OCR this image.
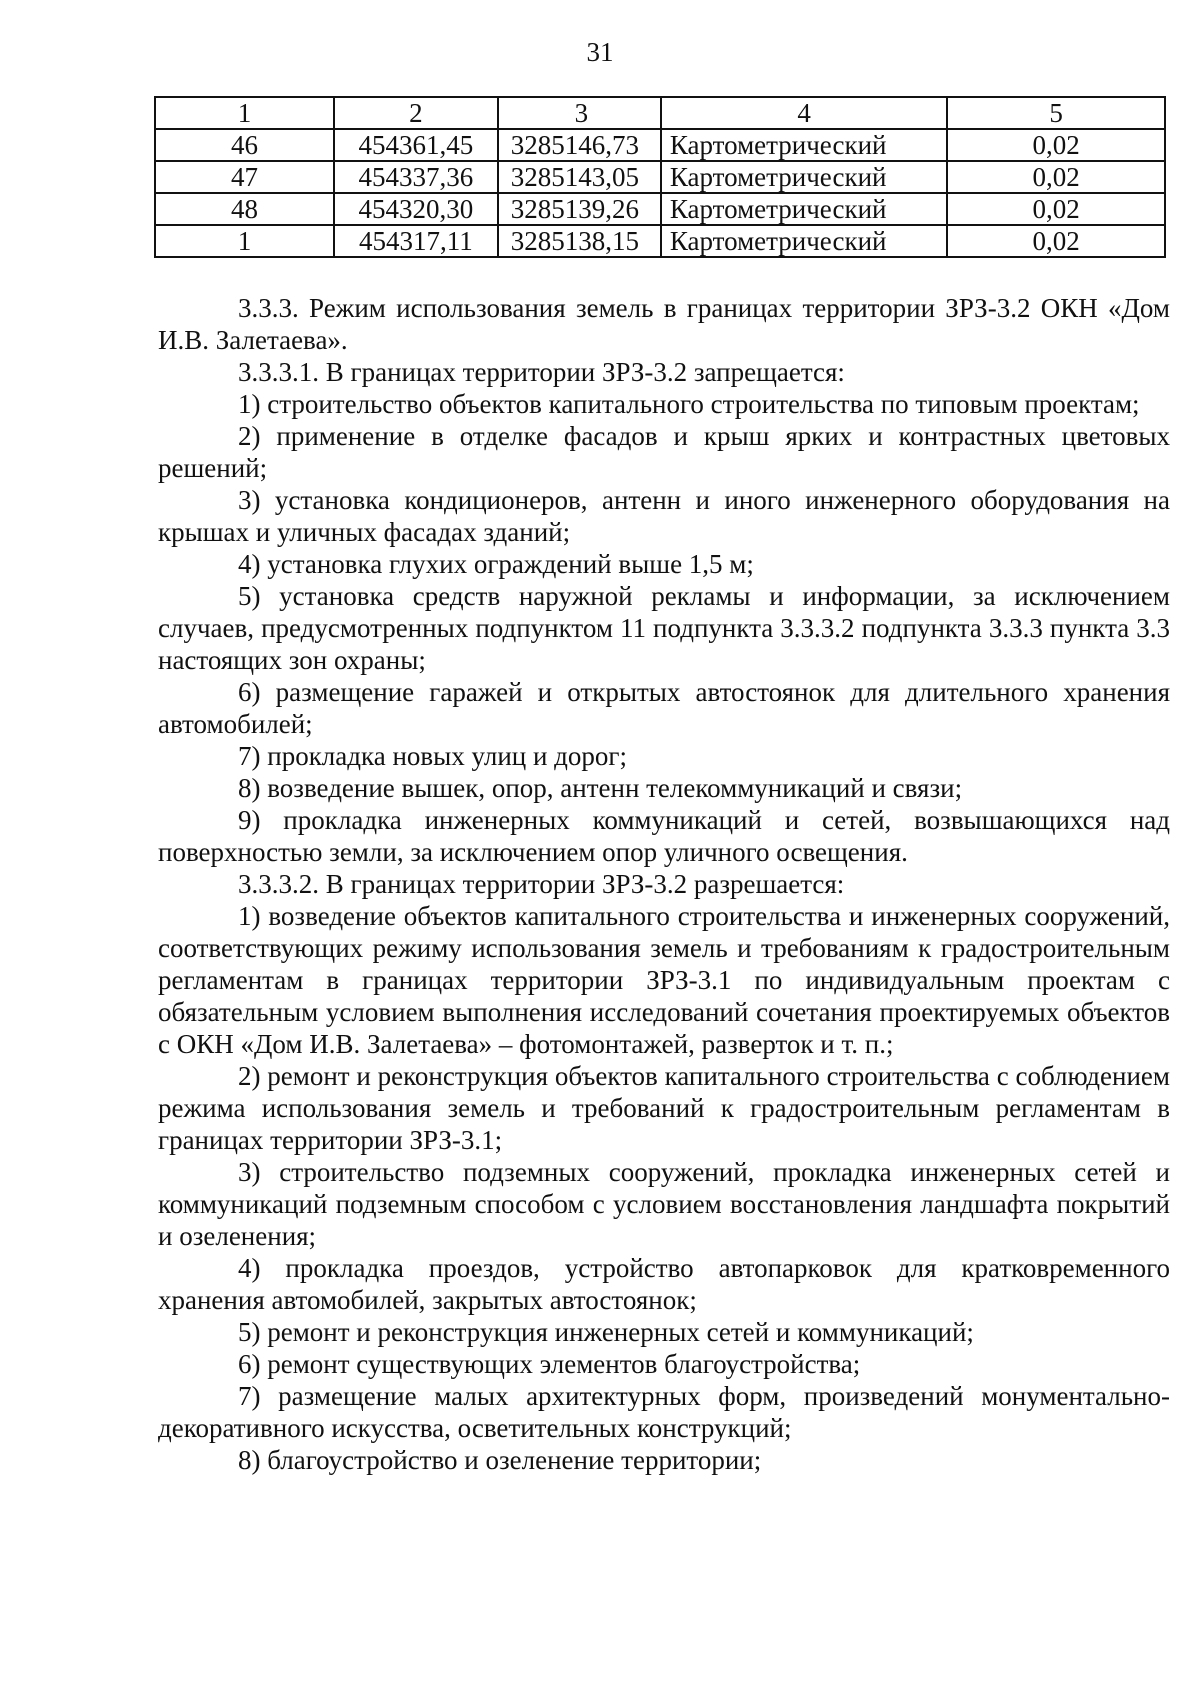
31
1	2	3	4	5
46	454361,45	3285146,73	Картометрический	0,02
47	454337,36	3285143,05	Картометрический	0,02
48	454320,30	3285139,26	Картометрический	0,02
1	454317,11	3285138,15	Картометрический	0,02

3.3.3. Режим использования земель в границах территории ЗРЗ-3.2 ОКН «Дом И.В. Залетаева».

3.3.3.1. В границах территории ЗРЗ-3.2 запрещается:

1) строительство объектов капитального строительства по типовым проектам;

2) применение в отделке фасадов и крыш ярких и контрастных цветовых решений;

3) установка кондиционеров, антенн и иного инженерного оборудования на крышах и уличных фасадах зданий;

4) установка глухих ограждений выше 1,5 м;

5) установка средств наружной рекламы и информации, за исключением случаев, предусмотренных подпунктом 11 подпункта 3.3.3.2 подпункта 3.3.3 пункта 3.3 настоящих зон охраны;

6) размещение гаражей и открытых автостоянок для длительного хранения автомобилей;

7) прокладка новых улиц и дорог;

8) возведение вышек, опор, антенн телекоммуникаций и связи;

9) прокладка инженерных коммуникаций и сетей, возвышающихся над поверхностью земли, за исключением опор уличного освещения.

3.3.3.2. В границах территории ЗРЗ-3.2 разрешается:

1) возведение объектов капитального строительства и инженерных сооружений, соответствующих режиму использования земель и требованиям к градостроительным регламентам в границах территории ЗРЗ-3.1 по индивидуальным проектам с обязательным условием выполнения исследований сочетания проектируемых объектов с ОКН «Дом И.В. Залетаева» – фотомонтажей, разверток и т. п.;

2) ремонт и реконструкция объектов капитального строительства с соблюдением режима использования земель и требований к градостроительным регламентам в границах территории ЗРЗ-3.1;

3) строительство подземных сооружений, прокладка инженерных сетей и коммуникаций подземным способом с условием восстановления ландшафта покрытий и озеленения;

4) прокладка проездов, устройство автопарковок для кратковременного хранения автомобилей, закрытых автостоянок;

5) ремонт и реконструкция инженерных сетей и коммуникаций;

6) ремонт существующих элементов благоустройства;

7) размещение малых архитектурных форм, произведений монументально-декоративного искусства, осветительных конструкций;

8) благоустройство и озеленение территории;
